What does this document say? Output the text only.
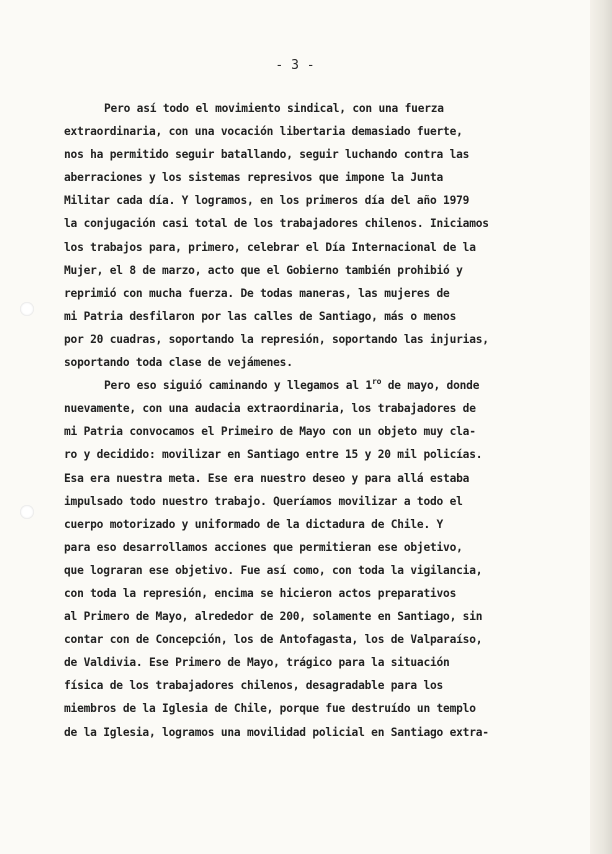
- 3 -
Pero así todo el movimiento sindical, con una fuerza
extraordinaria, con una vocación libertaria demasiado fuerte,
nos ha permitido seguir batallando, seguir luchando contra las
aberraciones y los sistemas represivos que impone la Junta
Militar cada día. Y logramos, en los primeros día del año 1979
la conjugación casi total de los trabajadores chilenos. Iniciamos
los trabajos para, primero, celebrar el Día Internacional de la
Mujer, el 8 de marzo, acto que el Gobierno también prohibió y
reprimió con mucha fuerza. De todas maneras, las mujeres de
mi Patria desfilaron por las calles de Santiago, más o menos
por 20 cuadras, soportando la represión, soportando las injurias,
soportando toda clase de vejámenes.
Pero eso siguió caminando y llegamos al $1^{ro}$ de mayo, donde
nuevamente, con una audacia extraordinaria, los trabajadores de
mi Patria convocamos el Primeiro de Mayo con un objeto muy cla-
ro y decidido: movilizar en Santiago entre 15 y 20 mil policías.
Esa era nuestra meta. Ese era nuestro deseo y para allá estaba
impulsado todo nuestro trabajo. Queríamos movilizar a todo el
cuerpo motorizado y uniformado de la dictadura de Chile. Y
para eso desarrollamos acciones que permitieran ese objetivo,
que lograran ese objetivo. Fue así como, con toda la vigilancia,
con toda la represión, encima se hicieron actos preparativos
al Primero de Mayo, alrededor de 200, solamente en Santiago, sin
contar con de Concepción, los de Antofagasta, los de Valparaíso,
de Valdivia. Ese Primero de Mayo, trágico para la situación
física de los trabajadores chilenos, desagradable para los
miembros de la Iglesia de Chile, porque fue destruído un templo
de la Iglesia, logramos una movilidad policial en Santiago extra-
